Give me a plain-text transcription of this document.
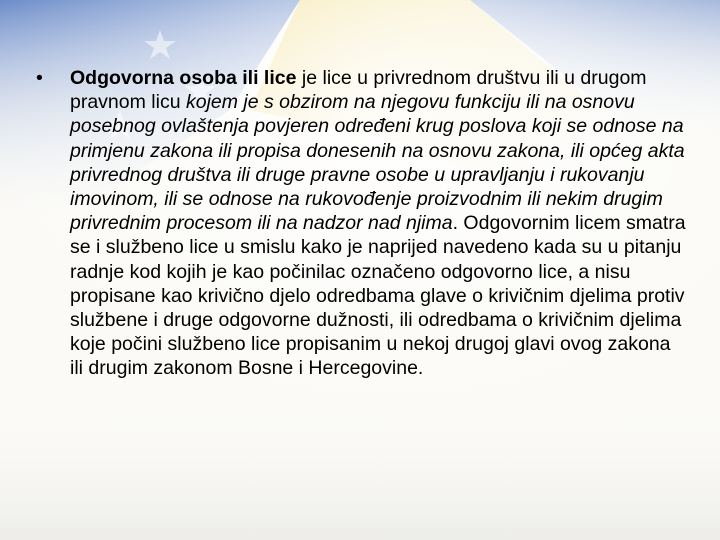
•	Odgovorna osoba ili lice je lice u privrednom društvu ili u drugom pravnom licu kojem je s obzirom na njegovu funkciju ili na osnovu posebnog ovlaštenja povjeren određeni krug poslova koji se odnose na primjenu zakona ili propisa donesenih na osnovu zakona, ili općeg akta privrednog društva ili druge pravne osobe u upravljanju i rukovanju imovinom, ili se odnose na rukovođenje proizvodnim ili nekim drugim privrednim procesom ili na nadzor nad njima. Odgovornim licem smatra se i službeno lice u smislu kako je naprijed navedeno kada su u pitanju radnje kod kojih je kao počinilac označeno odgovorno lice, a nisu propisane kao krivično djelo odredbama glave o krivičnim djelima protiv službene i druge odgovorne dužnosti, ili odredbama o krivičnim djelima koje počini službeno lice propisanim u nekoj drugoj glavi ovog zakona ili drugim zakonom Bosne i Hercegovine.
